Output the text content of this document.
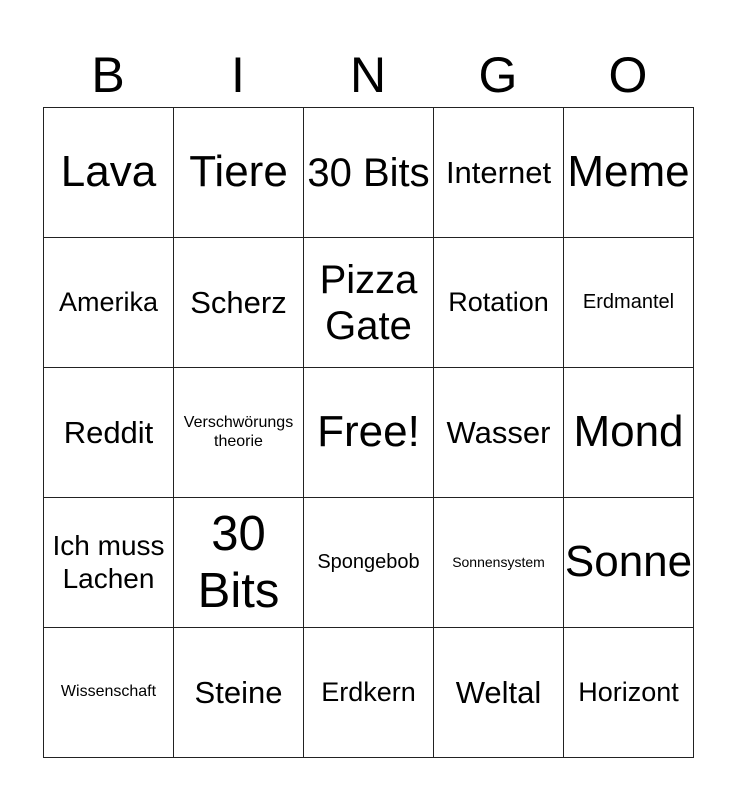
B	I	N	G	O
Lava	Tiere	30 Bits	Internet	Meme
Amerika	Scherz	Pizza Gate	Rotation	Erdmantel
Reddit	Verschwörungs theorie	Free!	Wasser	Mond
Ich muss Lachen	30 Bits	Spongebob	Sonnensystem	Sonne
Wissenschaft	Steine	Erdkern	Weltal	Horizont
